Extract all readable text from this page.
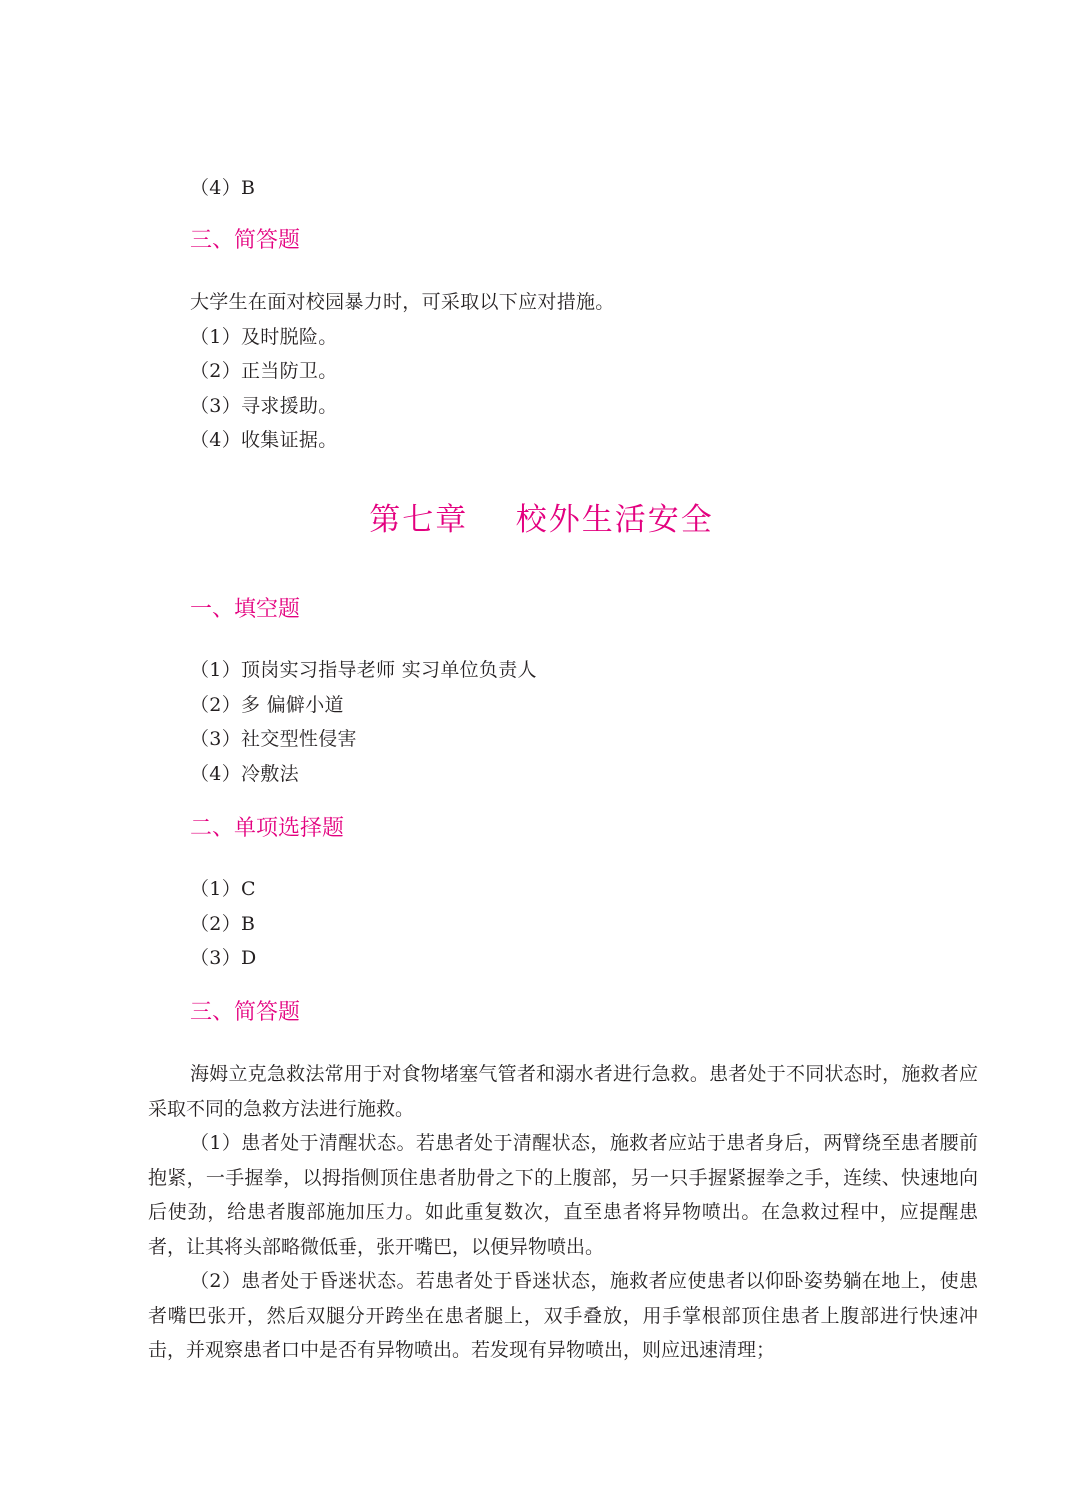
（4）B
三、简答题
大学生在面对校园暴力时，可采取以下应对措施。
（1）及时脱险。
（2）正当防卫。
（3）寻求援助。
（4）收集证据。
第七章    校外生活安全
一、填空题
（1）顶岗实习指导老师 实习单位负责人
（2）多 偏僻小道
（3）社交型性侵害
（4）冷敷法
二、单项选择题
（1）C
（2）B
（3）D
三、简答题
海姆立克急救法常用于对食物堵塞气管者和溺水者进行急救。患者处于不同状态时，施救者应采取不同的急救方法进行施救。
（1）患者处于清醒状态。若患者处于清醒状态，施救者应站于患者身后，两臂绕至患者腰前抱紧，一手握拳，以拇指侧顶住患者肋骨之下的上腹部，另一只手握紧握拳之手，连续、快速地向后使劲，给患者腹部施加压力。如此重复数次，直至患者将异物喷出。在急救过程中，应提醒患者，让其将头部略微低垂，张开嘴巴，以便异物喷出。
（2）患者处于昏迷状态。若患者处于昏迷状态，施救者应使患者以仰卧姿势躺在地上，使患者嘴巴张开，然后双腿分开跨坐在患者腿上，双手叠放，用手掌根部顶住患者上腹部进行快速冲击，并观察患者口中是否有异物喷出。若发现有异物喷出，则应迅速清理；
